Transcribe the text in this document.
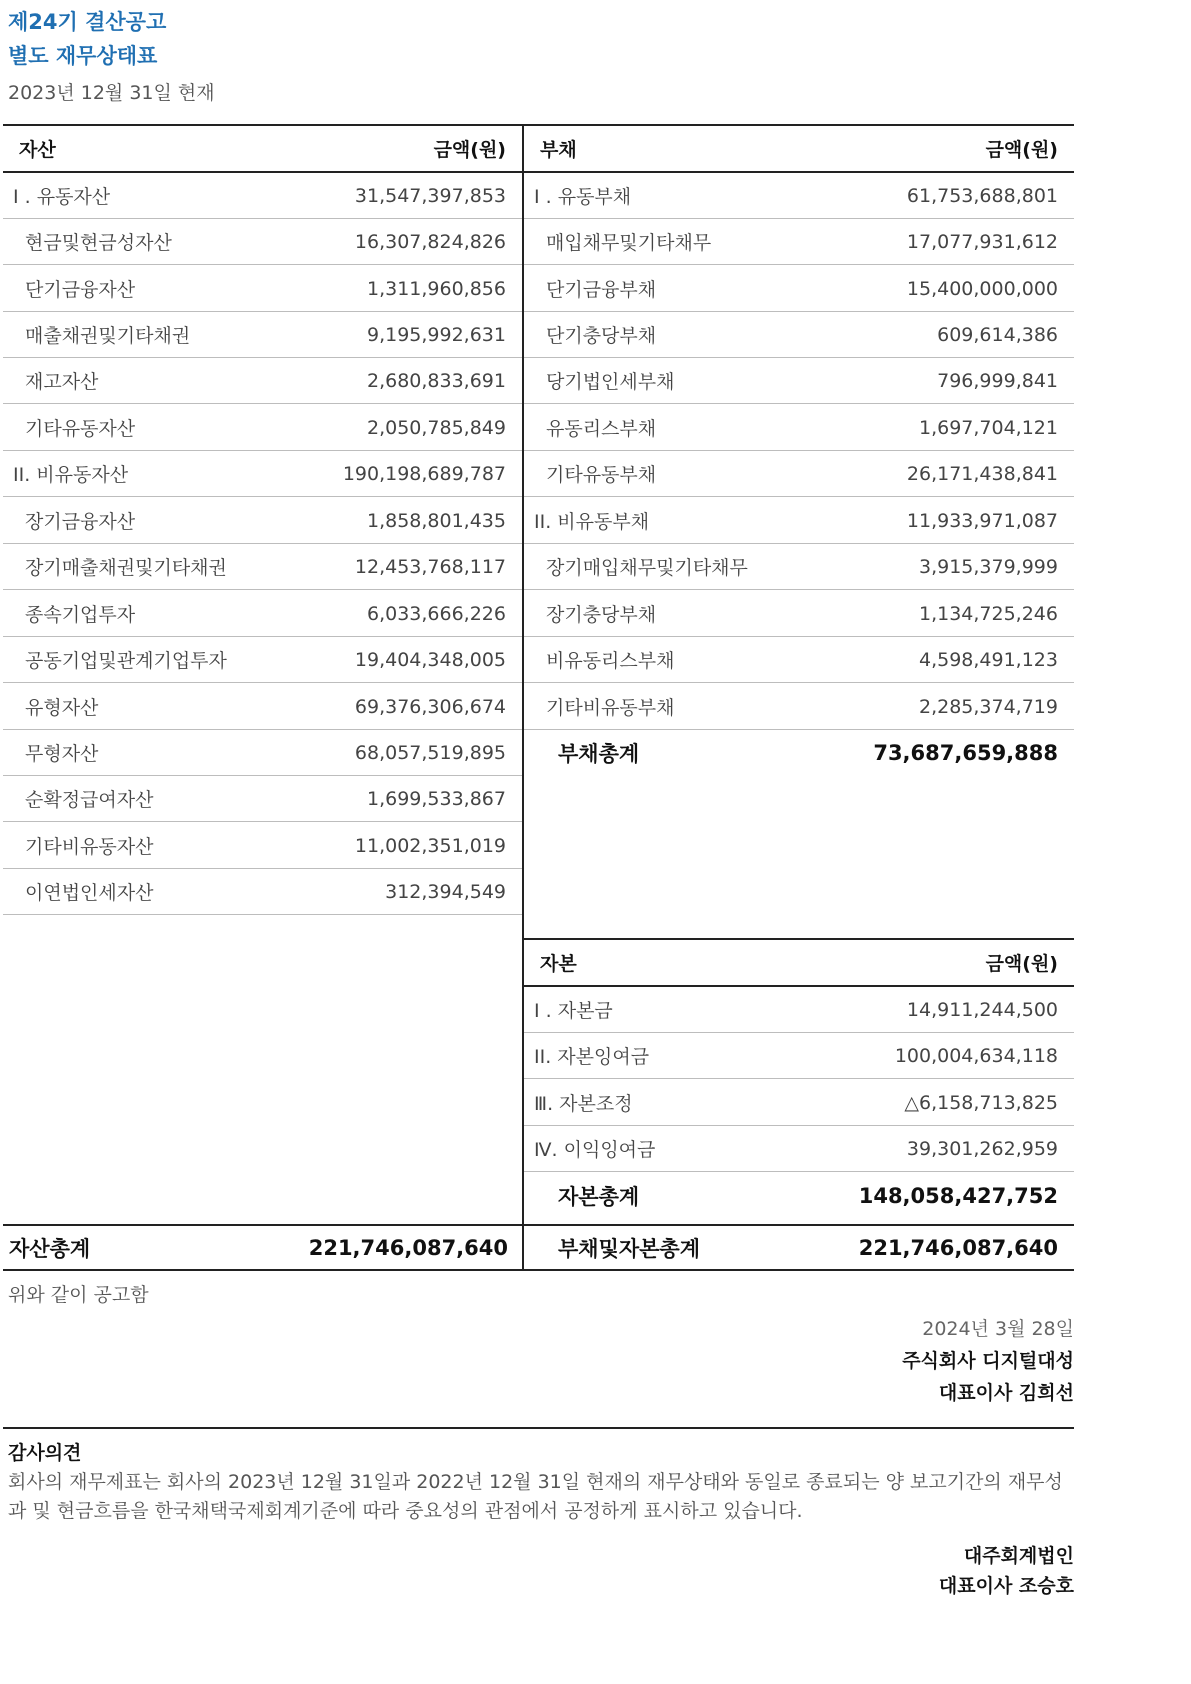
제24기 결산공고
별도 재무상태표
2023년 12월 31일 현재
자산	금액(원)
I . 유동자산	31,547,397,853
현금및현금성자산	16,307,824,826
단기금융자산	1,311,960,856
매출채권및기타채권	9,195,992,631
재고자산	2,680,833,691
기타유동자산	2,050,785,849
II. 비유동자산	190,198,689,787
장기금융자산	1,858,801,435
장기매출채권및기타채권	12,453,768,117
종속기업투자	6,033,666,226
공동기업및관계기업투자	19,404,348,005
유형자산	69,376,306,674
무형자산	68,057,519,895
순확정급여자산	1,699,533,867
기타비유동자산	11,002,351,019
이연법인세자산	312,394,549
자산총계	221,746,087,640
부채	금액(원)
I . 유동부채	61,753,688,801
매입채무및기타채무	17,077,931,612
단기금융부채	15,400,000,000
단기충당부채	609,614,386
당기법인세부채	796,999,841
유동리스부채	1,697,704,121
기타유동부채	26,171,438,841
II. 비유동부채	11,933,971,087
장기매입채무및기타채무	3,915,379,999
장기충당부채	1,134,725,246
비유동리스부채	4,598,491,123
기타비유동부채	2,285,374,719
부채총계	73,687,659,888
자본	금액(원)
I . 자본금	14,911,244,500
II. 자본잉여금	100,004,634,118
Ⅲ. 자본조정	△6,158,713,825
Ⅳ. 이익잉여금	39,301,262,959
자본총계	148,058,427,752
부채및자본총계	221,746,087,640
위와 같이 공고함
2024년 3월 28일
주식회사 디지털대성
대표이사 김희선
감사의견
회사의 재무제표는 회사의 2023년 12월 31일과 2022년 12월 31일 현재의 재무상태와 동일로 종료되는 양 보고기간의 재무성과 및 현금흐름을 한국채택국제회계기준에 따라 중요성의 관점에서 공정하게 표시하고 있습니다.
대주회계법인
대표이사 조승호
